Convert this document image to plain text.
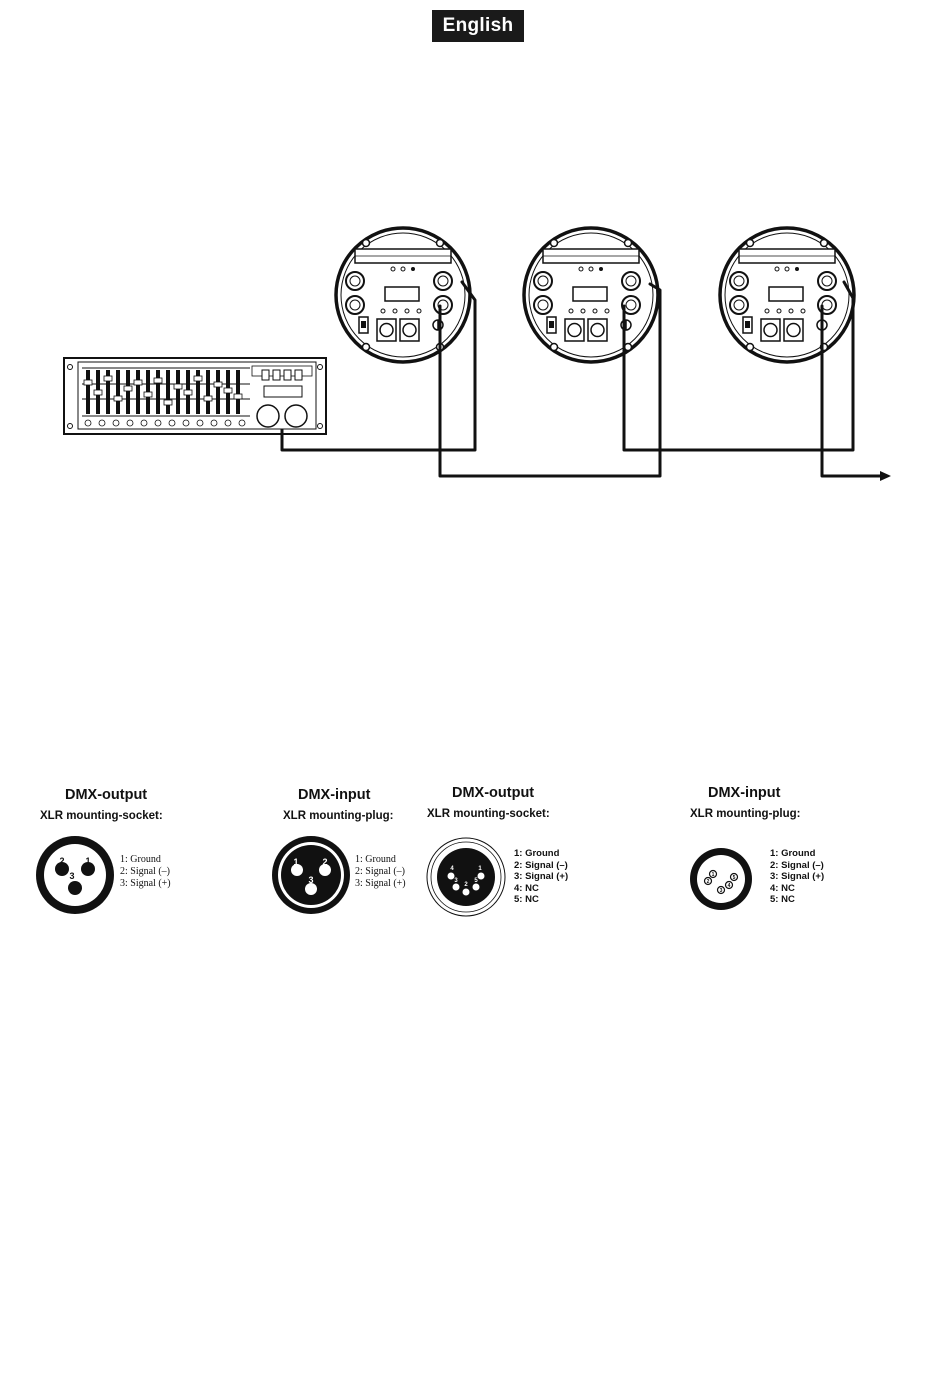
English
DMX-output
XLR mounting-socket:
2 1
3
1: Ground
2: Signal (–)
3: Signal (+)
DMX-input
XLR mounting-plug:
1	2
3
1: Ground
2: Signal (–)
3: Signal (+)
DMX-output
XLR mounting-socket:
4	1
3	5
2
1: Ground
2: Signal (–)
3: Signal (+)
4: NC
5: NC
DMX-input
XLR mounting-plug:
1	5
2
4
3
1: Ground
2: Signal (–)
3: Signal (+)
4: NC
5: NC
